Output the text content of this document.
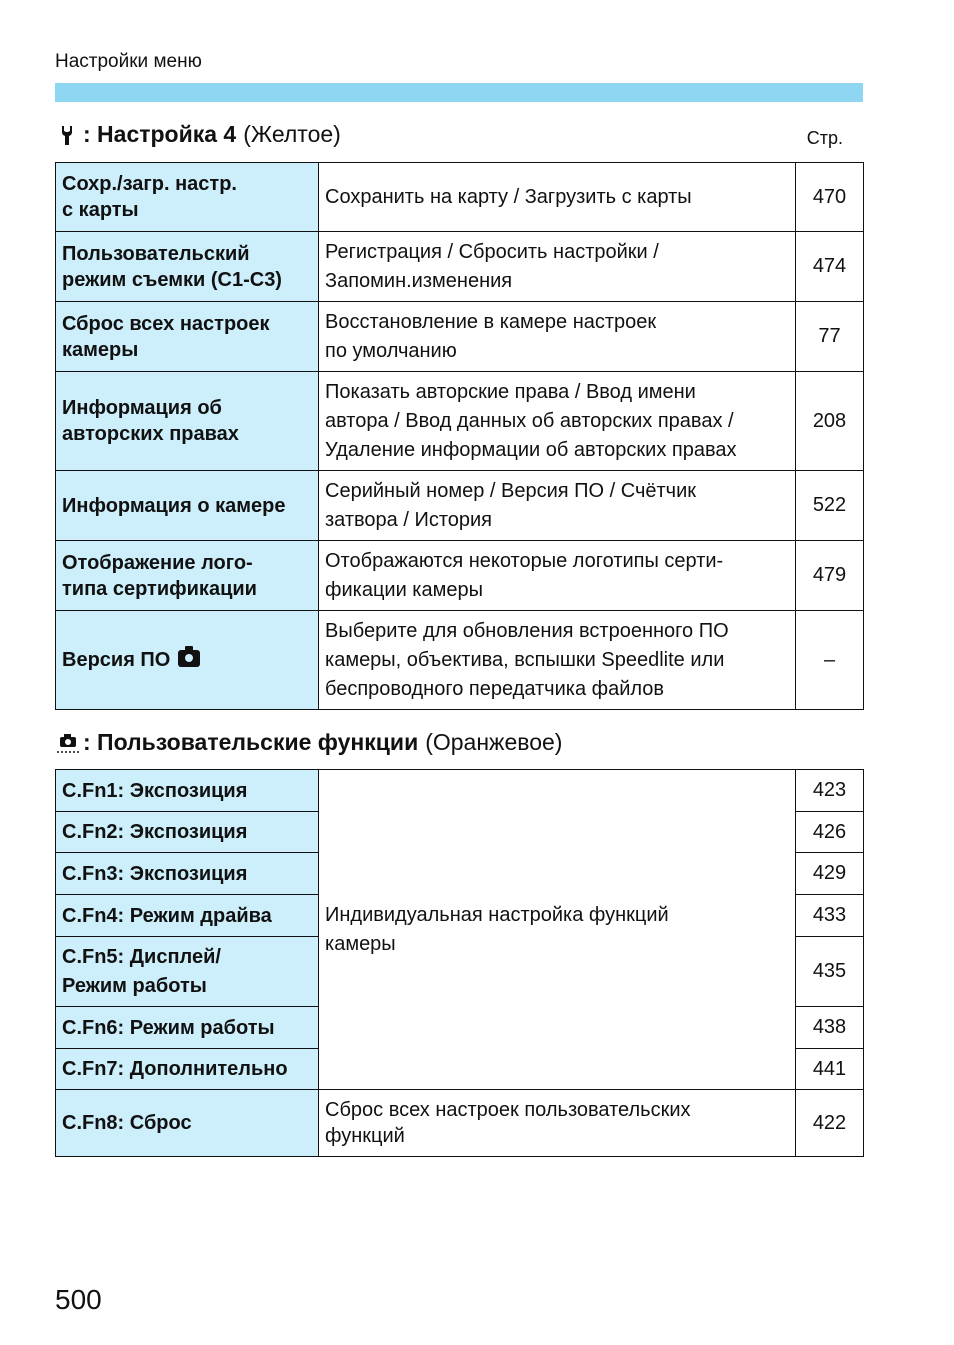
Настройки меню
: Настройка 4 (Желтое)	Стр.
Сохр./загр. настр.
с карты	Сохранить на карту / Загрузить с карты	470

Пользовательский
режим съемки (C1-C3)	Регистрация / Сбросить настройки /
Запомин.изменения	474

Сброс всех настроек
камеры	Восстановление в камере настроек
по умолчанию	77

Информация об
авторских правах	Показать авторские права / Ввод имени
автора / Ввод данных об авторских правах /
Удаление информации об авторских правах	208

Информация о камере	Серийный номер / Версия ПО / Счётчик
затвора / История	522

Отображение лого-
типа сертификации	Отображаются некоторые логотипы серти-
фикации камеры	479
Версия ПО	Выберите для обновления встроенного ПО
камеры, объектива, вспышки Speedlite или
беспроводного передатчика файлов	–
: Пользовательские функции (Оранжевое)
C.Fn1: Экспозиция	Индивидуальная настройка функций
камеры	423

C.Fn2: Экспозиция		426

C.Fn3: Экспозиция		429

C.Fn4: Режим драйва		433

C.Fn5: Дисплей/
Режим работы		435

C.Fn6: Режим работы		438

C.Fn7: Дополнительно		441

C.Fn8: Сброс	Сброс всех настроек пользовательских
функций	422
500
